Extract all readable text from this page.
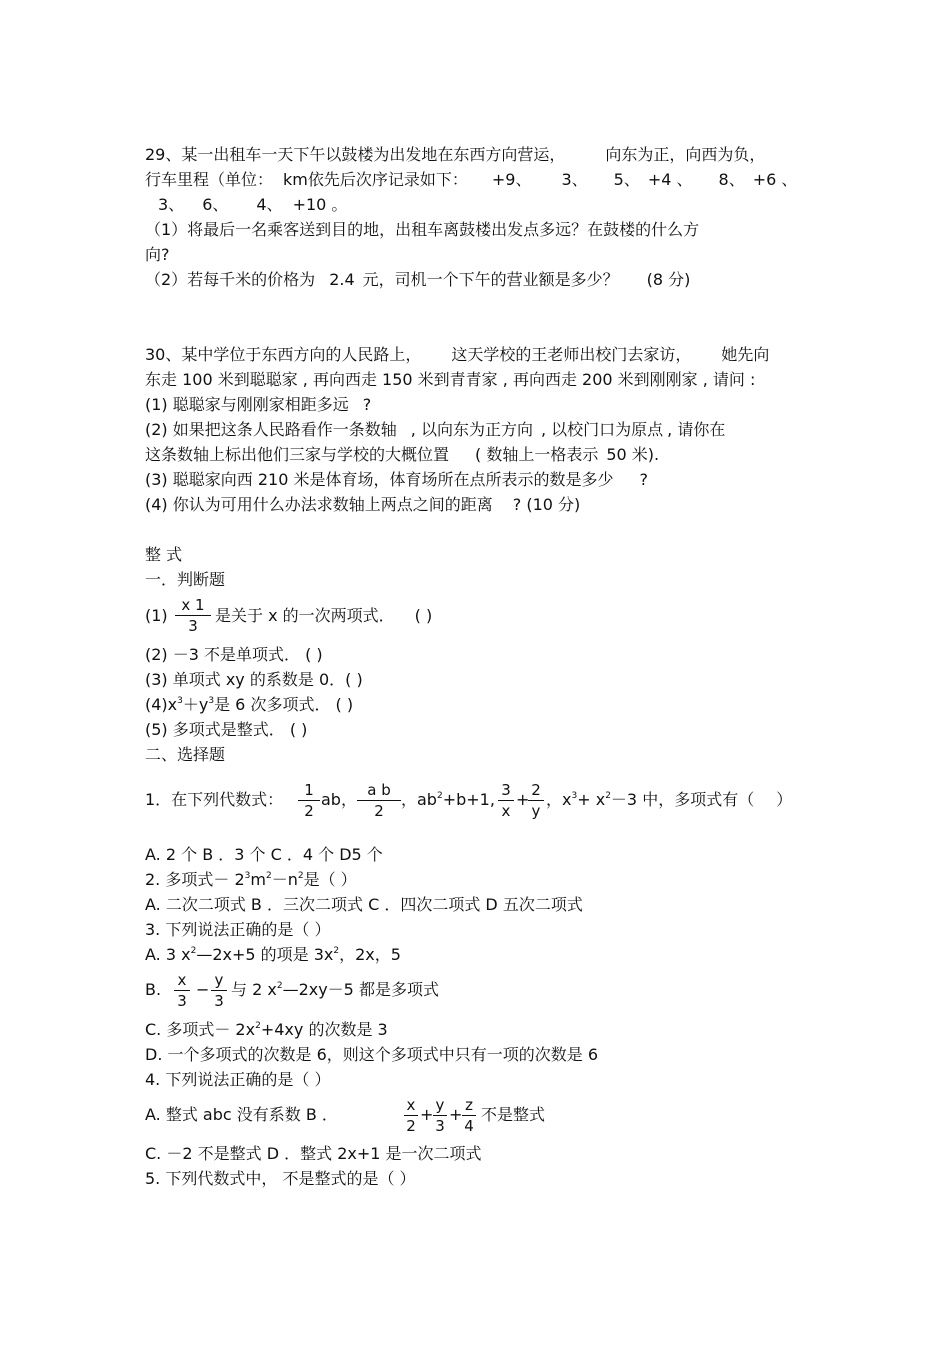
29、某一出租车一天下午以鼓楼为出发地在东西方向营运，	向东为正，向西为负，
行车里程（单位： km依先后次序记录如下： +9、 3、 5、 +4 、 8、 +6 、
3、 6、 4、 +10 。
（1）将最后一名乘客送到目的地，出租车离鼓楼出发点多远？在鼓楼的什么方
向?
（2）若每千米的价格为 2.4 元，司机一个下午的营业额是多少？ (8 分)
30、某中学位于东西方向的人民路上， 这天学校的王老师出校门去家访， 她先向
东走 100 米到聪聪家 , 再向西走 150 米到青青家 , 再向西走 200 米到刚刚家 , 请问 :
(1) 聪聪家与刚刚家相距多远 ?
(2) 如果把这条人民路看作一条数轴 , 以向东为正方向 , 以校门口为原点 , 请你在
这条数轴上标出他们三家与学校的大概位置 ( 数轴上一格表示 50 米).
(3) 聪聪家向西 210 米是体育场，体育场所在点所表示的数是多少 ?
(4) 你认为可用什么办法求数轴上两点之间的距离 ? (10 分)
整 式
一．判断题
(1)
x 1
3
是关于 x 的一次两项式． ( )
(2) －3 不是单项式． ( )
(3) 单项式 xy 的系数是 0．( )
$(4)x^3+y^3$是 6 次多项式． ( )
(5) 多项式是整式． ( )
二、选择题
1．在下列代数式：	1
2
ab， a b
2
，$ab^2+b+1$, 3
x
+ 2
y
，$x^3+ x^2-3$ 中，多项式有（ ）
A. 2 个 B ．3 个 C ．4 个 D5 个
2. 多项式－ $2^3m^2-n^2$是（ ）
A. 二次二项式 B ．三次二项式 C ．四次二项式 D 五次二项式
3. 下列说法正确的是（ ）
A. 3 $x^2—2x+5$ 的项是 $3x^2$，2x，5
B. x
3
− y
3
与 2 $x^2—2xy-5$ 都是多项式
C. 多项式－ $2x^2+4xy$ 的次数是 3
D. 一个多项式的次数是 6，则这个多项式中只有一项的次数是 6
4. 下列说法正确的是（ ）
A. 整式 abc 没有系数 B ．	x
2
+ y
3
+ z
4
不是整式
C. －2 不是整式 D ．整式 2x+1 是一次二项式
5. 下列代数式中， 不是整式的是（ ）
